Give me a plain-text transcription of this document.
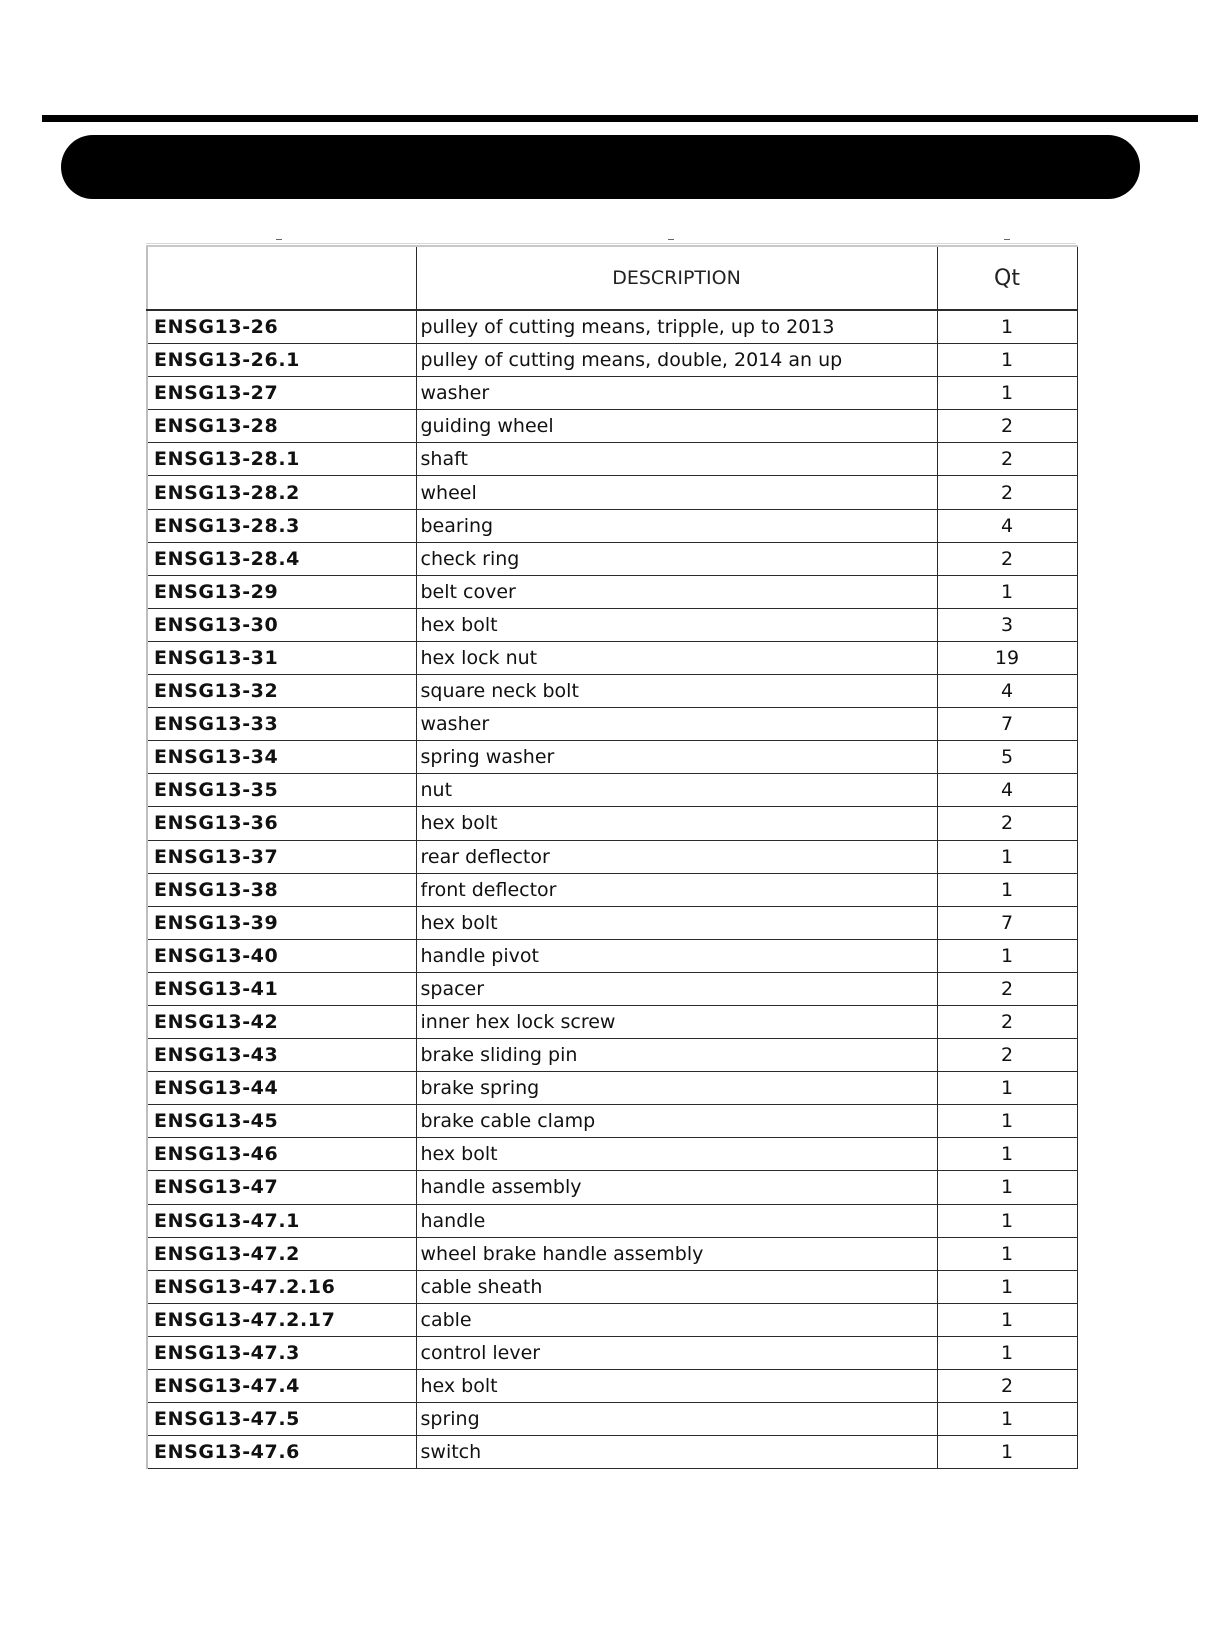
	DESCRIPTION	Qt
ENSG13-26	pulley of cutting means, tripple, up to 2013	1
ENSG13-26.1	pulley of cutting means, double, 2014 an up	1
ENSG13-27	washer	1
ENSG13-28	guiding wheel	2
ENSG13-28.1	shaft	2
ENSG13-28.2	wheel	2
ENSG13-28.3	bearing	4
ENSG13-28.4	check ring	2
ENSG13-29	belt cover	1
ENSG13-30	hex bolt	3
ENSG13-31	hex lock nut	19
ENSG13-32	square neck bolt	4
ENSG13-33	washer	7
ENSG13-34	spring washer	5
ENSG13-35	nut	4
ENSG13-36	hex bolt	2
ENSG13-37	rear deflector	1
ENSG13-38	front deflector	1
ENSG13-39	hex bolt	7
ENSG13-40	handle pivot	1
ENSG13-41	spacer	2
ENSG13-42	inner hex lock screw	2
ENSG13-43	brake sliding pin	2
ENSG13-44	brake spring	1
ENSG13-45	brake cable clamp	1
ENSG13-46	hex bolt	1
ENSG13-47	handle assembly	1
ENSG13-47.1	handle	1
ENSG13-47.2	wheel brake handle assembly	1
ENSG13-47.2.16	cable sheath	1
ENSG13-47.2.17	cable	1
ENSG13-47.3	control lever	1
ENSG13-47.4	hex bolt	2
ENSG13-47.5	spring	1
ENSG13-47.6	switch	1
